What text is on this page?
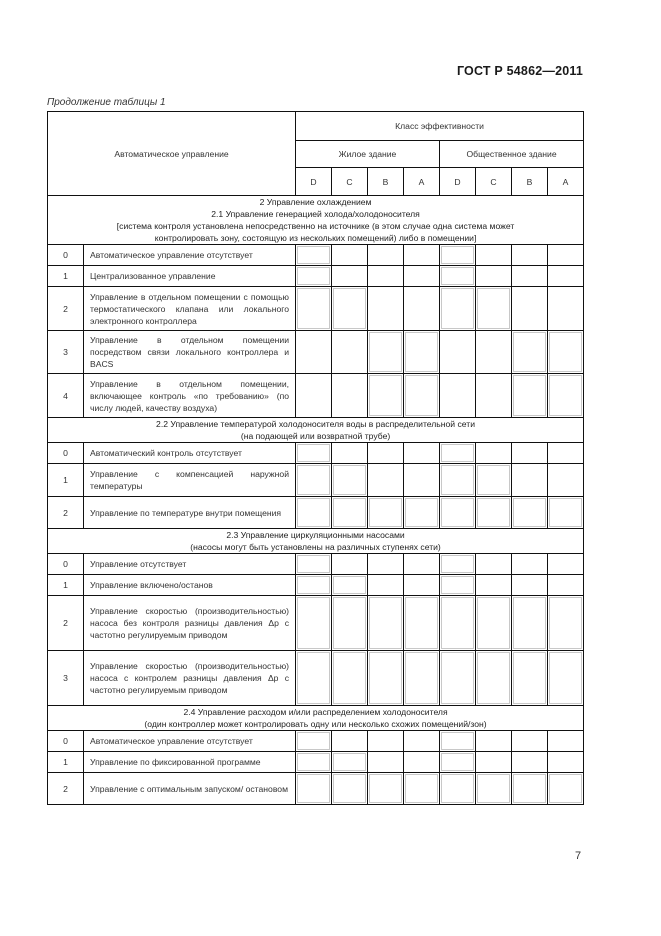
ГОСТ Р 54862—2011
Продолжение таблицы 1
Автоматическое управление		Класс эффективности							
		Жилое здание				Общественное здание			
		D	C	B	A	D	C	B	A

2 Управление охлаждением
2.1 Управление генерацией холода/холодоносителя
[система контроля установлена непосредственно на источнике (в этом случае одна система может
контролировать зону, состоящую из нескольких помещений) либо в помещении]									

0	Автоматическое управление отсутствует								
1	Централизованное управление								
2	Управление в отдельном помещении с помощью термостатического клапана или локального электронного контроллера								
3	Управление в отдельном помещении посредством связи локального контроллера и BACS								
4	Управление в отдельном помещении, включающее контроль «по требованию» (по числу людей, качеству воздуха)								

2.2 Управление температурой холодоносителя воды в распределительной сети
(на подающей или возвратной трубе)									

0	Автоматический контроль отсутствует								
1	Управление с компенсацией наружной температуры								
2	Управление по температуре внутри помещения								

2.3 Управление циркуляционными насосами
(насосы могут быть установлены на различных ступенях сети)									

0	Управление отсутствует								
1	Управление включено/останов								
2	Управление скоростью (производительностью) насоса без контроля разницы давления Δp с частотно регулируемым приводом								
3	Управление скоростью (производительностью) насоса с контролем разницы давления Δp с частотно регулируемым приводом								

2.4 Управление расходом и/или распределением холодоносителя
(один контроллер может контролировать одну или несколько схожих помещений/зон)									

0	Автоматическое управление отсутствует								
1	Управление по фиксированной программе								
2	Управление с оптимальным запуском/ остановом								
7
